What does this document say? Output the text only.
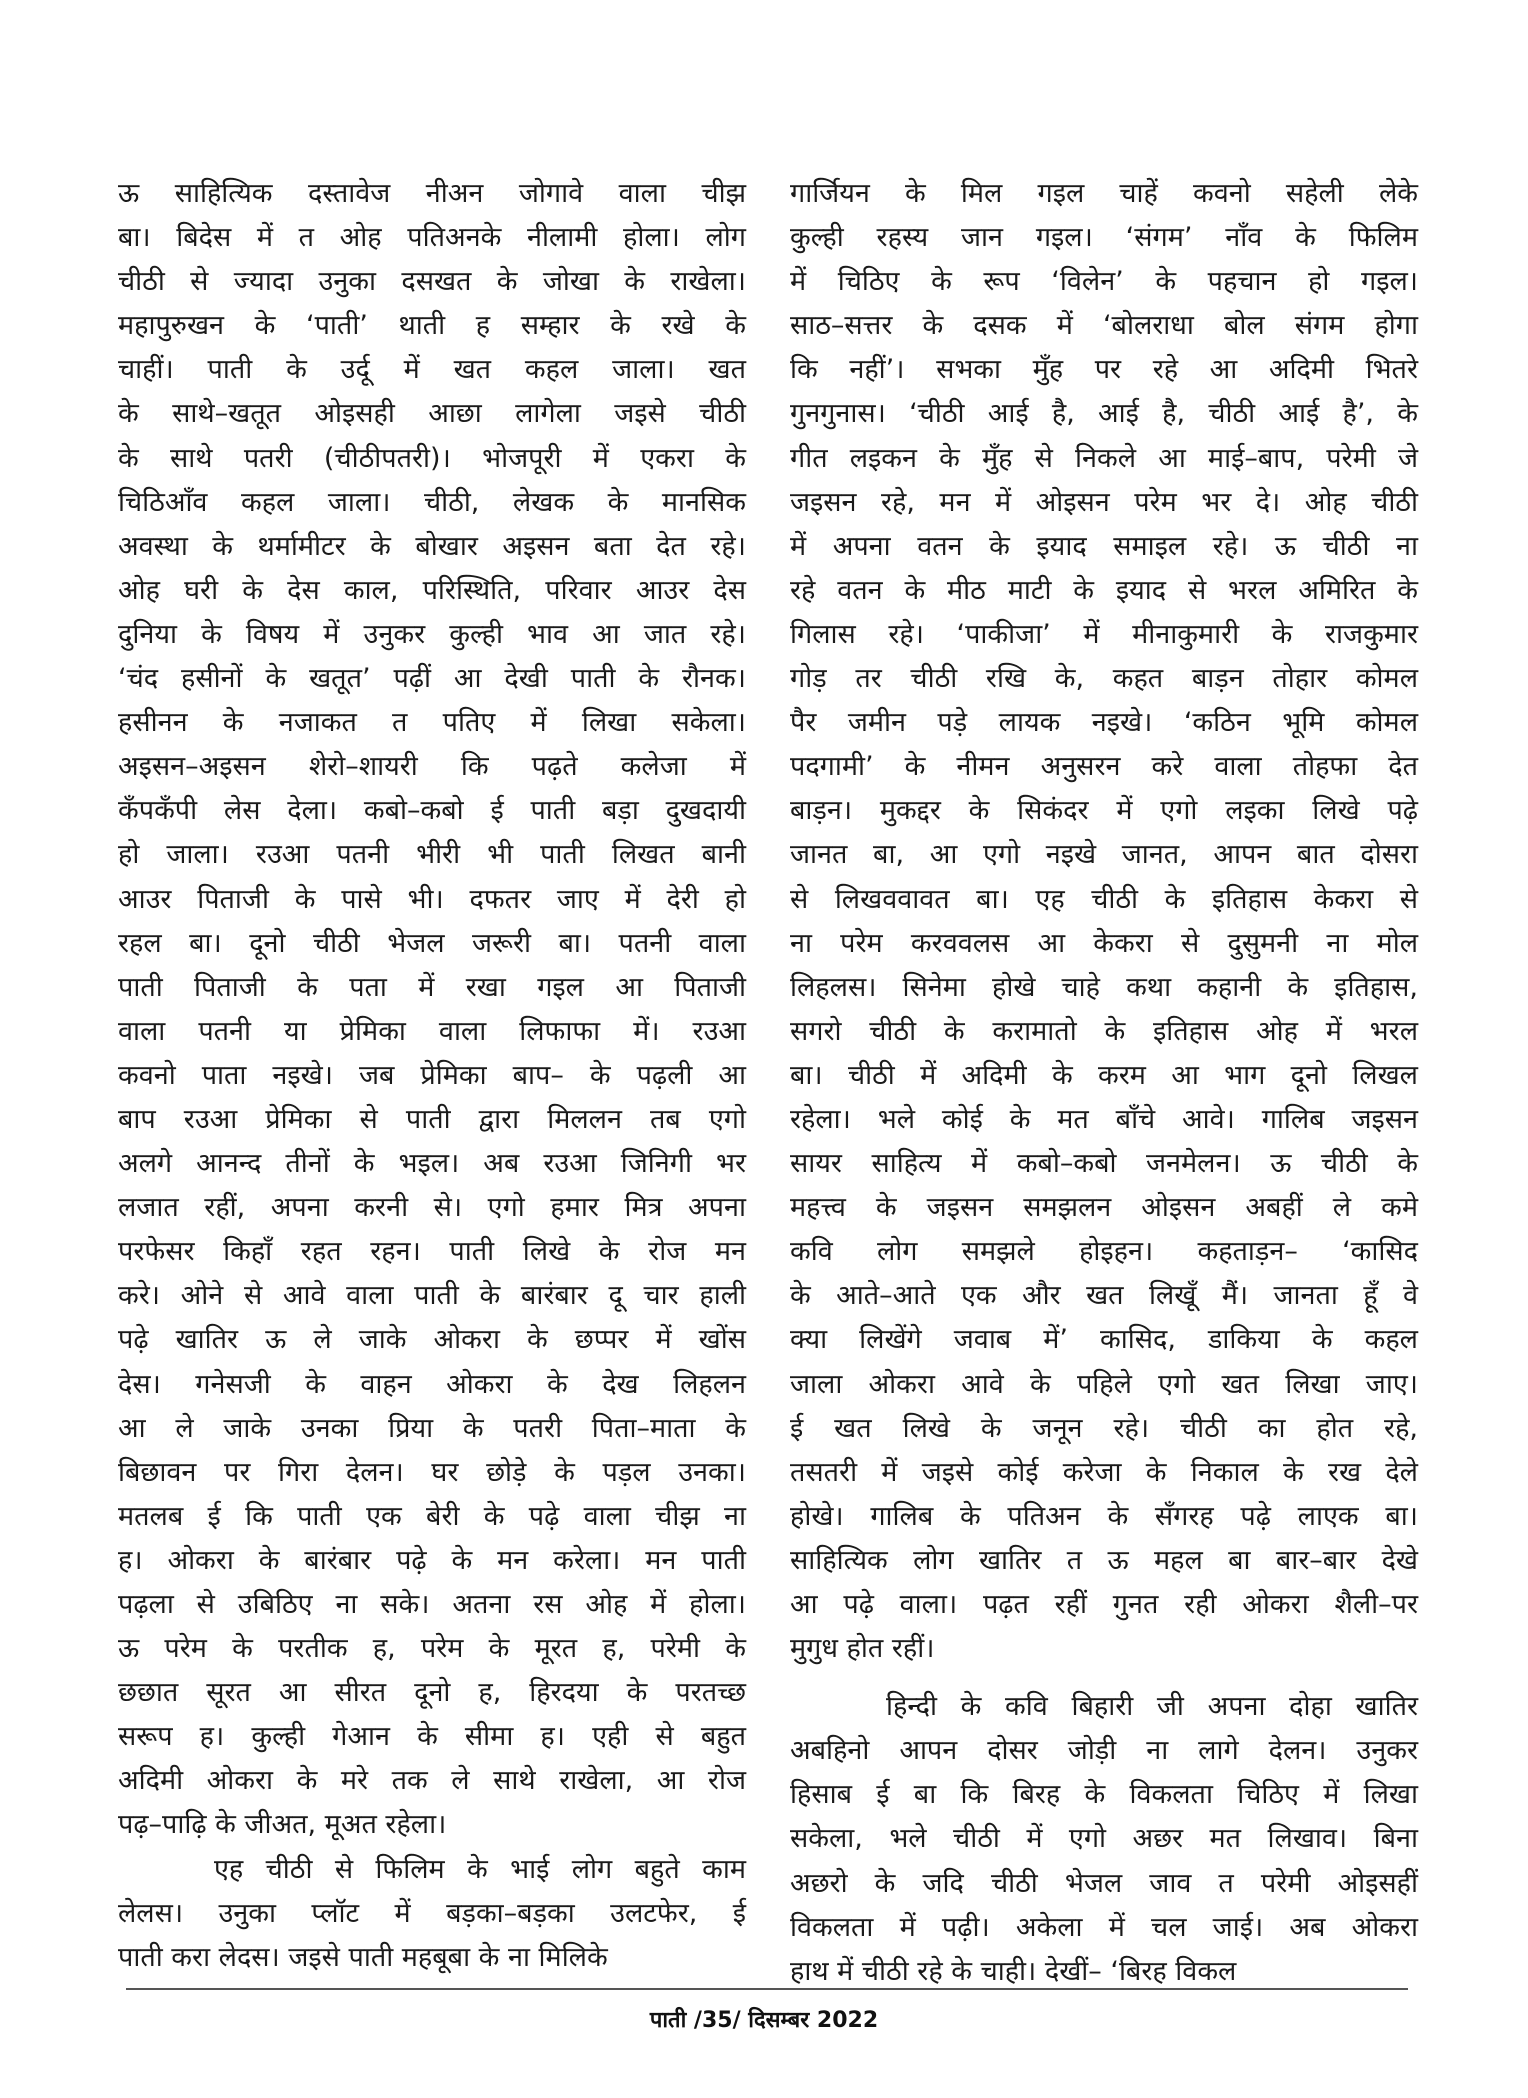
ऊ साहित्यिक दस्तावेज नीअन जोगावे वाला चीझ
बा। बिदेस में त ओह पतिअनके नीलामी होला। लोग
चीठी से ज्यादा उनुका दसखत के जोखा के राखेला।
महापुरुखन के ‘पाती’ थाती ह सम्हार के रखे के
चाहीं। पाती के उर्दू में खत कहल जाला। खत
के साथे–खतूत ओइसही आछा लागेला जइसे चीठी
के साथे पतरी (चीठीपतरी)। भोजपूरी में एकरा के
चिठिआँव कहल जाला। चीठी, लेखक के मानसिक
अवस्था के थर्मामीटर के बोखार अइसन बता देत रहे।
ओह घरी के देस काल, परिस्थिति, परिवार आउर देस
दुनिया के विषय में उनुकर कुल्ही भाव आ जात रहे।
‘चंद हसीनों के खतूत’ पढ़ीं आ देखी पाती के रौनक।
हसीनन के नजाकत त पतिए में लिखा सकेला।
अइसन–अइसन शेरो–शायरी कि पढ़ते कलेजा में
कँपकँपी लेस देला। कबो–कबो ई पाती बड़ा दुखदायी
हो जाला। रउआ पतनी भीरी भी पाती लिखत बानी
आउर पिताजी के पासे भी। दफतर जाए में देरी हो
रहल बा। दूनो चीठी भेजल जरूरी बा। पतनी वाला
पाती पिताजी के पता में रखा गइल आ पिताजी
वाला पतनी या प्रेमिका वाला लिफाफा में। रउआ
कवनो पाता नइखे। जब प्रेमिका बाप– के पढ़ली आ
बाप रउआ प्रेमिका से पाती द्वारा मिललन तब एगो
अलगे आनन्द तीनों के भइल। अब रउआ जिनिगी भर
लजात रहीं, अपना करनी से। एगो हमार मित्र अपना
परफेसर किहाँ रहत रहन। पाती लिखे के रोज मन
करे। ओने से आवे वाला पाती के बारंबार दू चार हाली
पढ़े खातिर ऊ ले जाके ओकरा के छप्पर में खोंस
देस। गनेसजी के वाहन ओकरा के देख लिहलन
आ ले जाके उनका प्रिया के पतरी पिता–माता के
बिछावन पर गिरा देलन। घर छोड़े के पड़ल उनका।
मतलब ई कि पाती एक बेरी के पढ़े वाला चीझ ना
ह। ओकरा के बारंबार पढ़े के मन करेला। मन पाती
पढ़ला से उबिठिए ना सके। अतना रस ओह में होला।
ऊ परेम के परतीक ह, परेम के मूरत ह, परेमी के
छछात सूरत आ सीरत दूनो ह, हिरदया के परतच्छ
सरूप ह। कुल्ही गेआन के सीमा ह। एही से बहुत
अदिमी ओकरा के मरे तक ले साथे राखेला, आ रोज
पढ़–पाढ़ि के जीअत, मूअत रहेला।
एह चीठी से फिलिम के भाई लोग बहुते काम
लेलस। उनुका प्लॉट में बड़का–बड़का उलटफेर, ई
पाती करा लेदस। जइसे पाती महबूबा के ना मिलिके
गार्जियन के मिल गइल चाहें कवनो सहेली लेके
कुल्ही रहस्य जान गइल। ‘संगम’ नाँव के फिलिम
में चिठिए के रूप ‘विलेन’ के पहचान हो गइल।
साठ–सत्तर के दसक में ‘बोलराधा बोल संगम होगा
कि नहीं’। सभका मुँह पर रहे आ अदिमी भितरे
गुनगुनास। ‘चीठी आई है, आई है, चीठी आई है’, के
गीत लइकन के मुँह से निकले आ माई–बाप, परेमी जे
जइसन रहे, मन में ओइसन परेम भर दे। ओह चीठी
में अपना वतन के इयाद समाइल रहे। ऊ चीठी ना
रहे वतन के मीठ माटी के इयाद से भरल अमिरित के
गिलास रहे। ‘पाकीजा’ में मीनाकुमारी के राजकुमार
गोड़ तर चीठी रखि के, कहत बाड़न तोहार कोमल
पैर जमीन पड़े लायक नइखे। ‘कठिन भूमि कोमल
पदगामी’ के नीमन अनुसरन करे वाला तोहफा देत
बाड़न। मुकद्दर के सिकंदर में एगो लइका लिखे पढ़े
जानत बा, आ एगो नइखे जानत, आपन बात दोसरा
से लिखववावत बा। एह चीठी के इतिहास केकरा से
ना परेम करववलस आ केकरा से दुसुमनी ना मोल
लिहलस। सिनेमा होखे चाहे कथा कहानी के इतिहास,
सगरो चीठी के करामातो के इतिहास ओह में भरल
बा। चीठी में अदिमी के करम आ भाग दूनो लिखल
रहेला। भले कोई के मत बाँचे आवे। गालिब जइसन
सायर साहित्य में कबो–कबो जनमेलन। ऊ चीठी के
महत्त्व के जइसन समझलन ओइसन अबहीं ले कमे
कवि लोग समझले होइहन। कहताड़न– ‘कासिद
के आते–आते एक और खत लिखूँ मैं। जानता हूँ वे
क्या लिखेंगे जवाब में’ कासिद, डाकिया के कहल
जाला ओकरा आवे के पहिले एगो खत लिखा जाए।
ई खत लिखे के जनून रहे। चीठी का होत रहे,
तसतरी में जइसे कोई करेजा के निकाल के रख देले
होखे। गालिब के पतिअन के सँगरह पढ़े लाएक बा।
साहित्यिक लोग खातिर त ऊ महल बा बार–बार देखे
आ पढ़े वाला। पढ़त रहीं गुनत रही ओकरा शैली–पर
मुगुध होत रहीं।
हिन्दी के कवि बिहारी जी अपना दोहा खातिर
अबहिनो आपन दोसर जोड़ी ना लागे देलन। उनुकर
हिसाब ई बा कि बिरह के विकलता चिठिए में लिखा
सकेला, भले चीठी में एगो अछर मत लिखाव। बिना
अछरो के जदि चीठी भेजल जाव त परेमी ओइसहीं
विकलता में पढ़ी। अकेला में चल जाई। अब ओकरा
हाथ में चीठी रहे के चाही। देखीं– ‘बिरह विकल
पाती /35/ दिसम्बर 2022
